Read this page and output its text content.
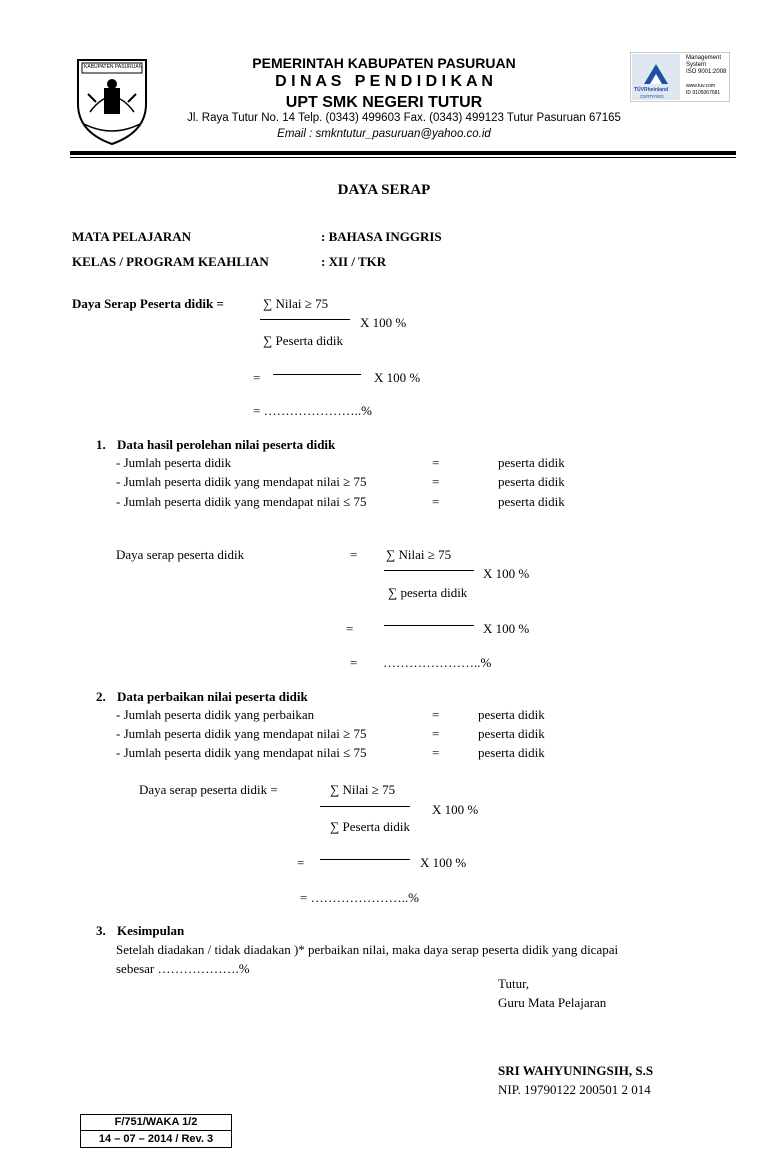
KABUPATEN PASURUAN	PEMERINTAH KABUPATEN PASURUAN
D I N A S   P E N D I D I K A N
UPT SMK NEGERI TUTUR
Jl. Raya Tutur No. 14 Telp. (0343) 499603 Fax. (0343) 499123 Tutur Pasuruan 67165
Email : smkntutur_pasuruan@yahoo.co.id
Management
System
ISO 9001:2008
www.tuv.com
ID 9105067681
TÜVRheinland
CERTIFIED
DAYA SERAP
MATA PELAJARAN	: BAHASA INGGRIS
KELAS / PROGRAM KEAHLIAN	: XII / TKR
Daya Serap Peserta didik =	∑ Nilai ≥ 75
X 100 %
∑ Peserta didik
=	X 100 %
= …………………..%
1. Data hasil perolehan nilai peserta didik
- Jumlah peserta didik	=	peserta didik
- Jumlah peserta didik yang mendapat nilai ≥ 75	=	peserta didik
- Jumlah peserta didik yang mendapat nilai ≤ 75	=	peserta didik
Daya serap peserta didik	= ∑ Nilai ≥ 75
X 100 %
∑ peserta didik
=	X 100 %
= …………………..%
2. Data perbaikan nilai peserta didik
- Jumlah peserta didik yang perbaikan	=	peserta didik
- Jumlah peserta didik yang mendapat nilai ≥ 75	=	peserta didik
- Jumlah peserta didik yang mendapat nilai ≤ 75	=	peserta didik
Daya serap peserta didik =	∑ Nilai ≥ 75
X 100 %
∑ Peserta didik
=	X 100 %
= …………………..%
3. Kesimpulan
Setelah diadakan / tidak diadakan )* perbaikan nilai, maka daya serap peserta didik yang dicapai
sebesar ……………….%
Tutur,
Guru Mata Pelajaran
SRI WAHYUNINGSIH, S.S
NIP. 19790122 200501 2 014
F/751/WAKA 1/2
14 – 07 – 2014 / Rev. 3
